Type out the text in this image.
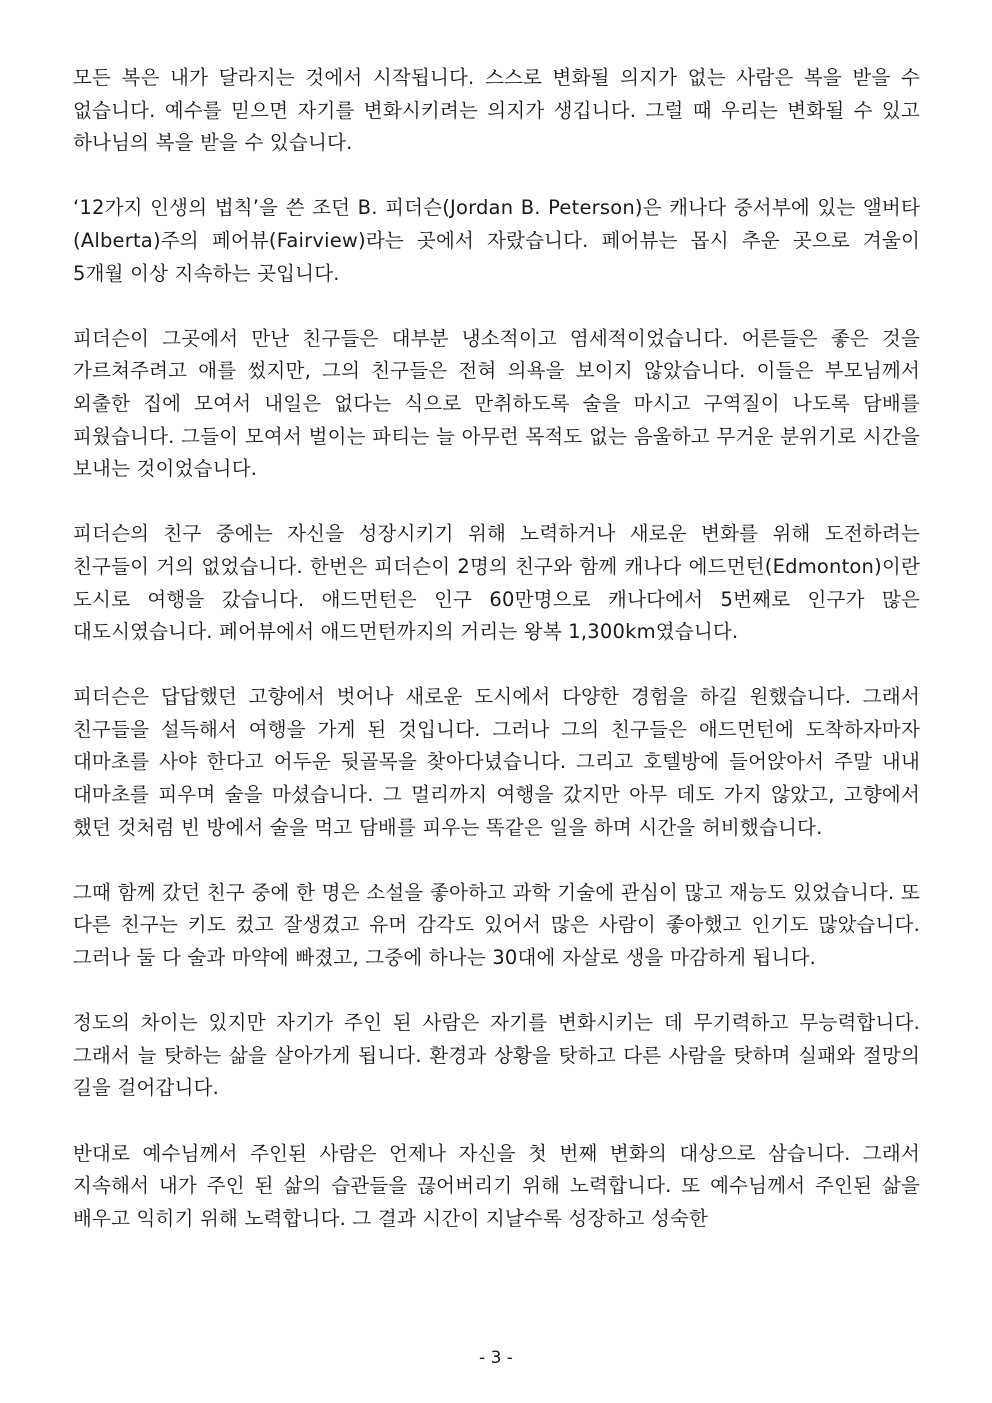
모든 복은 내가 달라지는 것에서 시작됩니다. 스스로 변화될 의지가 없는 사람은 복을 받을 수 없습니다. 예수를 믿으면 자기를 변화시키려는 의지가 생깁니다. 그럴 때 우리는 변화될 수 있고 하나님의 복을 받을 수 있습니다.

‘12가지 인생의 법칙’을 쓴 조던 B. 피더슨(Jordan B. Peterson)은 캐나다 중서부에 있는 앨버타(Alberta)주의 페어뷰(Fairview)라는 곳에서 자랐습니다. 페어뷰는 몹시 추운 곳으로 겨울이 5개월 이상 지속하는 곳입니다.

피더슨이 그곳에서 만난 친구들은 대부분 냉소적이고 염세적이었습니다. 어른들은 좋은 것을 가르쳐주려고 애를 썼지만, 그의 친구들은 전혀 의욕을 보이지 않았습니다. 이들은 부모님께서 외출한 집에 모여서 내일은 없다는 식으로 만취하도록 술을 마시고 구역질이 나도록 담배를 피웠습니다. 그들이 모여서 벌이는 파티는 늘 아무런 목적도 없는 음울하고 무거운 분위기로 시간을 보내는 것이었습니다.

피더슨의 친구 중에는 자신을 성장시키기 위해 노력하거나 새로운 변화를 위해 도전하려는 친구들이 거의 없었습니다. 한번은 피더슨이 2명의 친구와 함께 캐나다 에드먼턴(Edmonton)이란 도시로 여행을 갔습니다. 애드먼턴은 인구 60만명으로 캐나다에서 5번째로 인구가 많은 대도시였습니다. 페어뷰에서 애드먼턴까지의 거리는 왕복 1,300km였습니다.

피더슨은 답답했던 고향에서 벗어나 새로운 도시에서 다양한 경험을 하길 원했습니다. 그래서 친구들을 설득해서 여행을 가게 된 것입니다. 그러나 그의 친구들은 애드먼턴에 도착하자마자 대마초를 사야 한다고 어두운 뒷골목을 찾아다녔습니다. 그리고 호텔방에 들어앉아서 주말 내내 대마초를 피우며 술을 마셨습니다. 그 멀리까지 여행을 갔지만 아무 데도 가지 않았고, 고향에서 했던 것처럼 빈 방에서 술을 먹고 담배를 피우는 똑같은 일을 하며 시간을 허비했습니다.

그때 함께 갔던 친구 중에 한 명은 소설을 좋아하고 과학 기술에 관심이 많고 재능도 있었습니다. 또 다른 친구는 키도 컸고 잘생겼고 유머 감각도 있어서 많은 사람이 좋아했고 인기도 많았습니다. 그러나 둘 다 술과 마약에 빠졌고, 그중에 하나는 30대에 자살로 생을 마감하게 됩니다.

정도의 차이는 있지만 자기가 주인 된 사람은 자기를 변화시키는 데 무기력하고 무능력합니다. 그래서 늘 탓하는 삶을 살아가게 됩니다. 환경과 상황을 탓하고 다른 사람을 탓하며 실패와 절망의 길을 걸어갑니다.

반대로 예수님께서 주인된 사람은 언제나 자신을 첫 번째 변화의 대상으로 삼습니다. 그래서 지속해서 내가 주인 된 삶의 습관들을 끊어버리기 위해 노력합니다. 또 예수님께서 주인된 삶을 배우고 익히기 위해 노력합니다. 그 결과 시간이 지날수록 성장하고 성숙한

- 3 -
